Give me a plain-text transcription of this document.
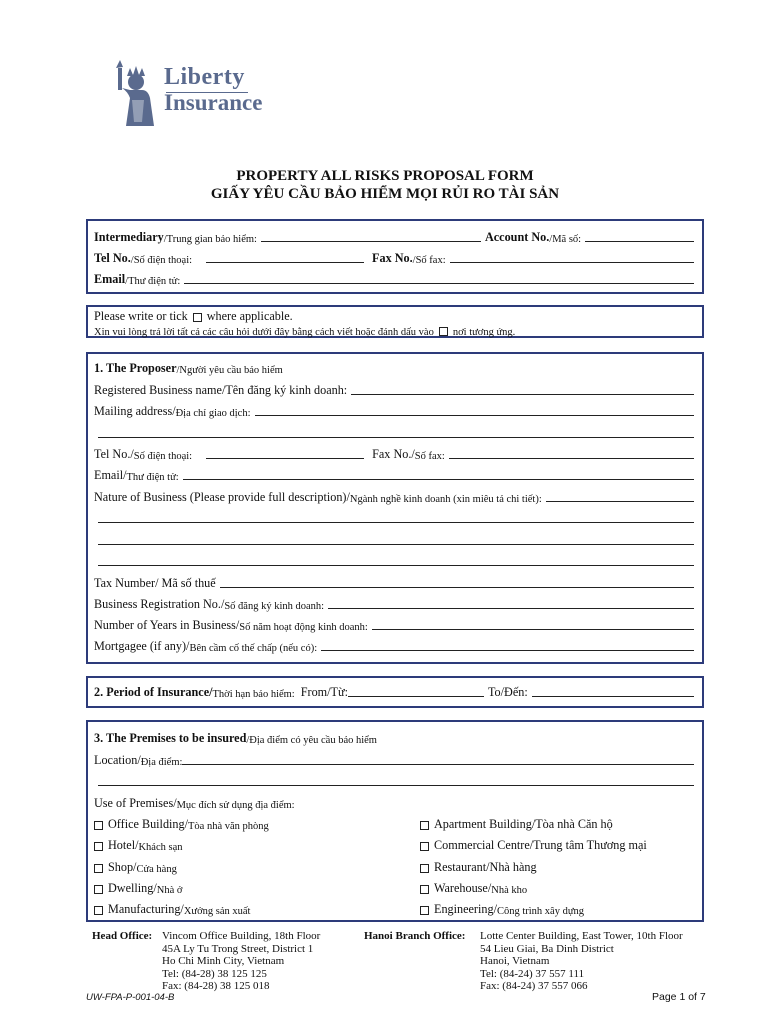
Liberty
Insurance
PROPERTY ALL RISKS PROPOSAL FORM
GIẤY YÊU CẦU BẢO HIỂM MỌI RỦI RO TÀI SẢN
Intermediary /Trung gian bảo hiểm:	Account No. /Mã số:
Tel No. /Số điện thoại:	Fax No. /Số fax:
Email /Thư điện tử:
Please write or tick where applicable.
Xin vui lòng trả lời tất cả các câu hỏi dưới đây bằng cách viết hoặc đánh dấu vào nơi tương ứng.
1. The Proposer /Người yêu cầu bảo hiểm
Registered Business name/Tên đăng ký kinh doanh:
Mailing address/ Địa chỉ giao dịch:
Tel No./ Số điện thoại:	Fax No./ Số fax:
Email/ Thư điện tử:
Nature of Business (Please provide full description)/ Ngành nghề kinh doanh (xin miêu tả chi tiết):
Tax Number/ Mã số thuế
Business Registration No./ Số đăng ký kinh doanh:
Number of Years in Business/ Số năm hoạt động kinh doanh:
Mortgagee (if any)/ Bên cầm cố thế chấp (nếu có):
2. Period of Insurance/ Thời hạn bảo hiểm: From/Từ:	To/Đến:
3. The Premises to be insured /Địa điểm có yêu cầu bảo hiểm
Location/ Địa điểm:
Use of Premises/ Mục đích sử dụng địa điểm:
Office Building/ Tòa nhà văn phòng
Hotel/ Khách sạn
Shop/ Cửa hàng
Dwelling/ Nhà ở
Manufacturing/ Xưởng sản xuất
Apartment Building/ Tòa nhà Căn hộ
Commercial Centre/ Trung tâm Thương mại
Restaurant/ Nhà hàng
Warehouse/ Nhà kho
Engineering/ Công trình xây dựng
Head Office: Vincom Office Building, 18th Floor
45A Ly Tu Trong Street, District 1
Ho Chi Minh City, Vietnam
Tel: (84-28) 38 125 125
Fax: (84-28) 38 125 018
Hanoi Branch Office: Lotte Center Building, East Tower, 10th Floor
54 Lieu Giai, Ba Dinh District
Hanoi, Vietnam
Tel: (84-24) 37 557 111
Fax: (84-24) 37 557 066
UW-FPA-P-001-04-B	Page 1 of 7
